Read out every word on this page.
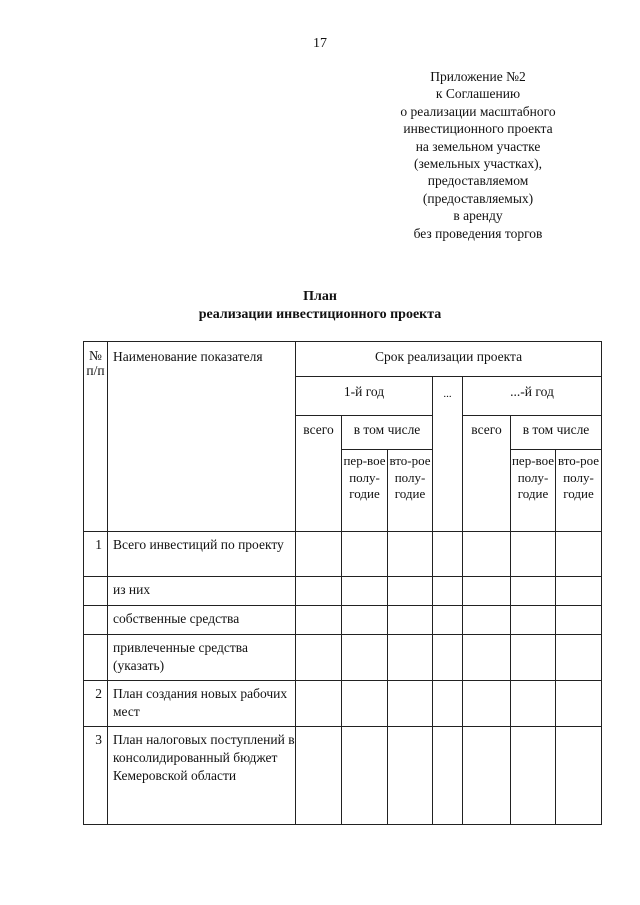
17
Приложение №2
к Соглашению
о реализации масштабного
инвестиционного проекта
на земельном участке
(земельных участках),
предоставляемом
(предоставляемых)
в аренду
без проведения торгов
План
реализации инвестиционного проекта
№ п/п	Наименование показателя	Срок реализации проекта						
		1-й год			...	...-й год		
		всего	в том числе			всего	в том числе	
			пер-вое полу-годие	вто-рое полу-годие			пер-вое полу-годие	вто-рое полу-годие
1	Всего инвестиций по проекту							
	из них							
	собственные средства							
	привлеченные средства (указать)							
2	План создания новых рабочих мест							
3	План налоговых поступлений в консолидированный бюджет Кемеровской области							
